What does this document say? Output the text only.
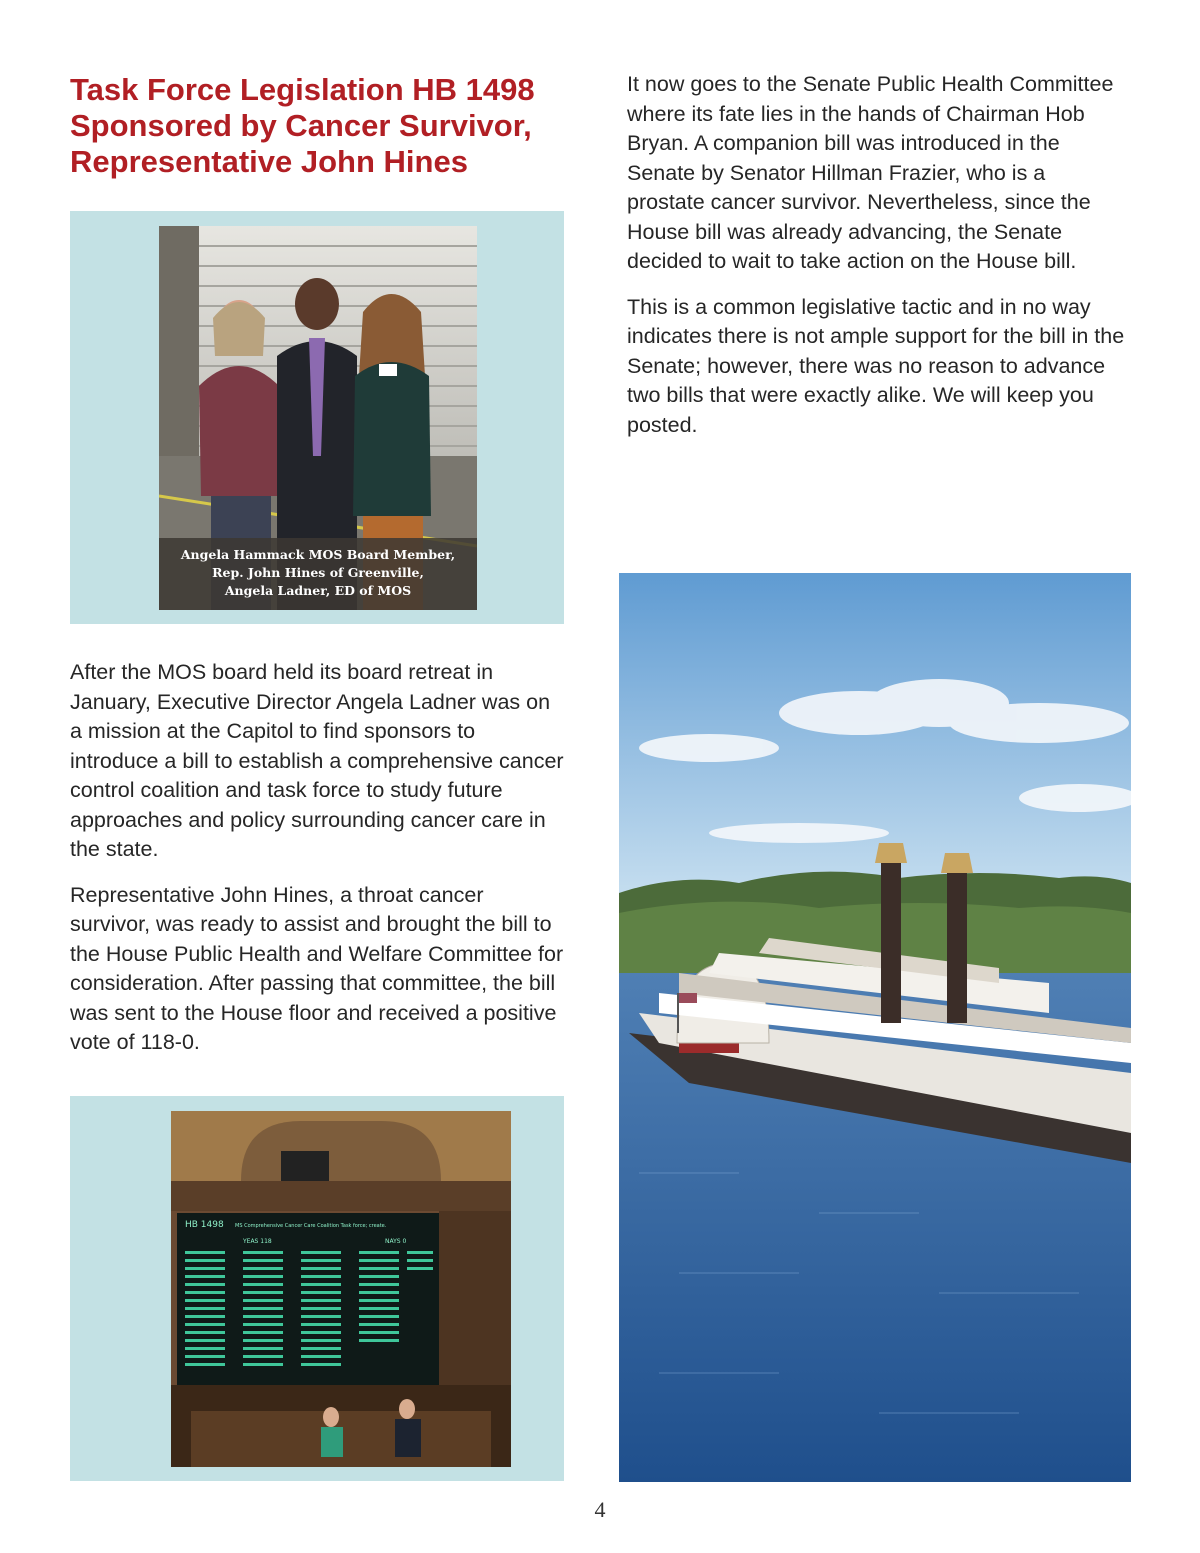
Task Force Legislation HB 1498
Sponsored by Cancer Survivor,
Representative John Hines
Angela Hammack MOS Board Member,
Rep. John Hines of Greenville,
Angela Ladner, ED of MOS

After the MOS board held its board retreat in January, Executive Director Angela Ladner was on a mission at the Capitol to find sponsors to introduce a bill to establish a comprehensive cancer control coalition and task force to study future approaches and policy surrounding cancer care in the state.

Representative John Hines, a throat cancer survivor, was ready to assist and brought the bill to the House Public Health and Welfare Committee for consideration. After passing that committee, the bill was sent to the House floor and received a positive vote of 118-0.

HB 1498 MS Comprehensive Cancer Care Coalition Task force; create.
YEAS 118	NAYS 0

It now goes to the Senate Public Health Committee where its fate lies in the hands of Chairman Hob Bryan. A companion bill was introduced in the Senate by Senator Hillman Frazier, who is a prostate cancer survivor. Nevertheless, since the House bill was already advancing, the Senate decided to wait to take action on the House bill.

This is a common legislative tactic and in no way indicates there is not ample support for the bill in the Senate; however, there was no reason to advance two bills that were exactly alike. We will keep you posted.

4
